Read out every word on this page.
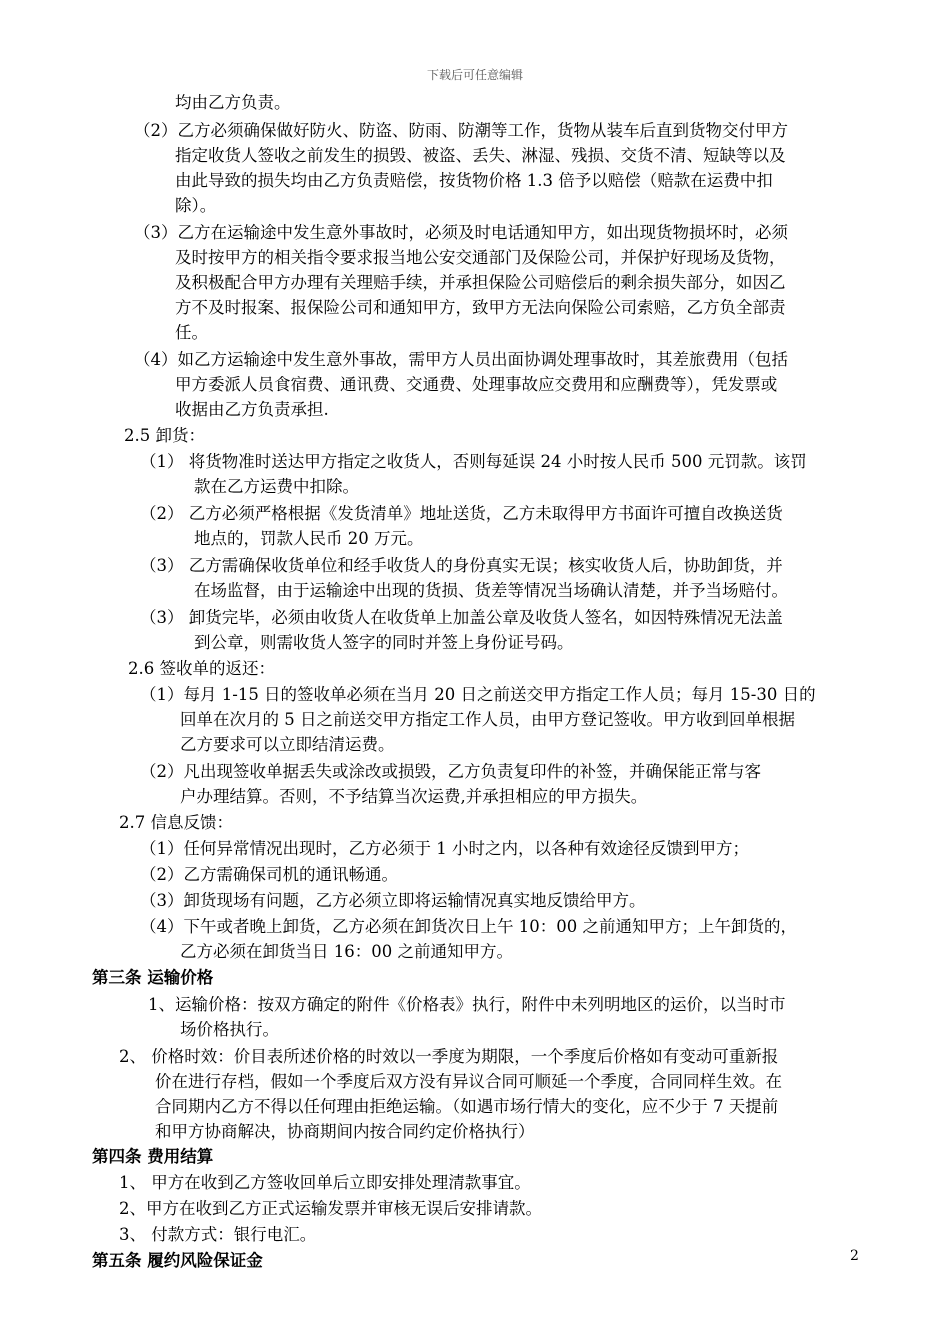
下载后可任意编辑
均由乙方负责。
（2）乙方必须确保做好防火、防盗、防雨、防潮等工作，货物从装车后直到货物交付甲方
指定收货人签收之前发生的损毁、被盗、丢失、淋湿、残损、交货不清、短缺等以及
由此导致的损失均由乙方负责赔偿，按货物价格 1.3 倍予以赔偿（赔款在运费中扣
除）。
（3）乙方在运输途中发生意外事故时，必须及时电话通知甲方，如出现货物损坏时，必须
及时按甲方的相关指令要求报当地公安交通部门及保险公司，并保护好现场及货物，
及积极配合甲方办理有关理赔手续，并承担保险公司赔偿后的剩余损失部分，如因乙
方不及时报案、报保险公司和通知甲方，致甲方无法向保险公司索赔，乙方负全部责
任。
（4）如乙方运输途中发生意外事故，需甲方人员出面协调处理事故时，其差旅费用（包括
甲方委派人员食宿费、通讯费、交通费、处理事故应交费用和应酬费等），凭发票或
收据由乙方负责承担.
2.5 卸货：
（1） 将货物准时送达甲方指定之收货人，否则每延误 24 小时按人民币 500 元罚款。该罚
款在乙方运费中扣除。
（2） 乙方必须严格根据《发货清单》地址送货，乙方未取得甲方书面许可擅自改换送货
地点的，罚款人民币 20 万元。
（3） 乙方需确保收货单位和经手收货人的身份真实无误；核实收货人后，协助卸货，并
在场监督，由于运输途中出现的货损、货差等情况当场确认清楚，并予当场赔付。
（3） 卸货完毕，必须由收货人在收货单上加盖公章及收货人签名，如因特殊情况无法盖
到公章，则需收货人签字的同时并签上身份证号码。
2.6 签收单的返还：
（1）每月 1-15 日的签收单必须在当月 20 日之前送交甲方指定工作人员；每月 15-30 日的
回单在次月的 5 日之前送交甲方指定工作人员，由甲方登记签收。甲方收到回单根据
乙方要求可以立即结清运费。
（2）凡出现签收单据丢失或涂改或损毁，乙方负责复印件的补签，并确保能正常与客
户办理结算。否则，不予结算当次运费,并承担相应的甲方损失。
2.7 信息反馈：
（1）任何异常情况出现时，乙方必须于 1 小时之内，以各种有效途径反馈到甲方；
（2）乙方需确保司机的通讯畅通。
（3）卸货现场有问题，乙方必须立即将运输情况真实地反馈给甲方。
（4）下午或者晚上卸货，乙方必须在卸货次日上午 10：00 之前通知甲方；上午卸货的，
乙方必须在卸货当日 16：00 之前通知甲方。
第三条 运输价格
1、运输价格：按双方确定的附件《价格表》执行，附件中未列明地区的运价，以当时市
场价格执行。
2、 价格时效：价目表所述价格的时效以一季度为期限，一个季度后价格如有变动可重新报
价在进行存档，假如一个季度后双方没有异议合同可顺延一个季度，合同同样生效。在
合同期内乙方不得以任何理由拒绝运输。（如遇市场行情大的变化，应不少于 7 天提前
和甲方协商解决，协商期间内按合同约定价格执行）
第四条 费用结算
1、 甲方在收到乙方签收回单后立即安排处理清款事宜。
2、甲方在收到乙方正式运输发票并审核无误后安排请款。
3、 付款方式：银行电汇。
第五条 履约风险保证金	2
